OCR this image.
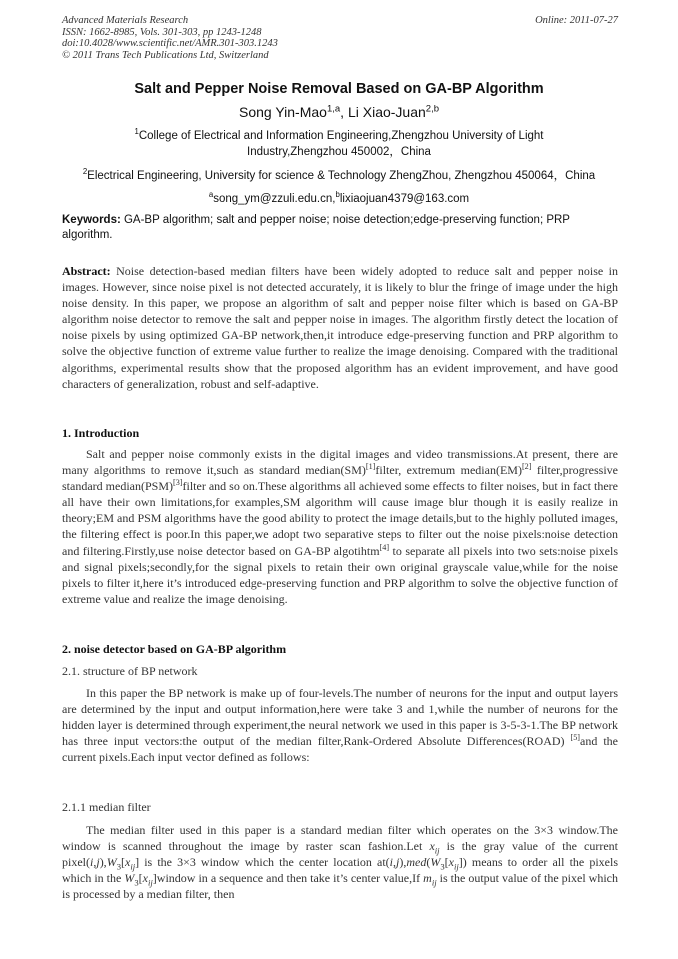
Advanced Materials Research
ISSN: 1662-8985, Vols. 301-303, pp 1243-1248
doi:10.4028/www.scientific.net/AMR.301-303.1243
© 2011 Trans Tech Publications Ltd, Switzerland
Online: 2011-07-27
Salt and Pepper Noise Removal Based on GA-BP Algorithm
Song Yin-Mao$^{1,a}$, Li Xiao-Juan$^{2,b}$
$^1$College of Electrical and Information Engineering,Zhengzhou University of Light
Industry,Zhengzhou 450002，China
$^2$Electrical Engineering, University for science & Technology ZhengZhou, Zhengzhou 450064，China
$^a$song_ym@zzuli.edu.cn,$^b$lixiaojuan4379@163.com
Keywords: GA-BP algorithm; salt and pepper noise; noise detection;edge-preserving function; PRP algorithm.
Abstract: Noise detection-based median filters have been widely adopted to reduce salt and pepper noise in images. However, since noise pixel is not detected accurately, it is likely to blur the fringe of image under the high noise density. In this paper, we propose an algorithm of salt and pepper noise filter which is based on GA-BP algorithm noise detector to remove the salt and pepper noise in images. The algorithm firstly detect the location of noise pixels by using optimized GA-BP network,then,it introduce edge-preserving function and PRP algorithm to solve the objective function of extreme value further to realize the image denoising. Compared with the traditional algorithms, experimental results show that the proposed algorithm has an evident improvement, and have good characters of generalization, robust and self-adaptive.
1. Introduction
Salt and pepper noise commonly exists in the digital images and video transmissions.At present, there are many algorithms to remove it,such as standard median(SM)[1]filter, extremum median(EM)[2] filter,progressive standard median(PSM)[3]filter and so on.These algorithms all achieved some effects to filter noises, but in fact there all have their own limitations,for examples,SM algorithm will cause image blur though it is easily realize in theory;EM and PSM algorithms have the good ability to protect the image details,but to the highly polluted images, the filtering effect is poor.In this paper,we adopt two separative steps to filter out the noise pixels:noise detection and filtering.Firstly,use noise detector based on GA-BP algotihtm[4] to separate all pixels into two sets:noise pixels and signal pixels;secondly,for the signal pixels to retain their own original grayscale value,while for the noise pixels to filter it,here it’s introduced edge-preserving function and PRP algorithm to solve the objective function of extreme value and realize the image denoising.
2. noise detector based on GA-BP algorithm
2.1. structure of BP network
In this paper the BP network is make up of four-levels.The number of neurons for the input and output layers are determined by the input and output information,here were take 3 and 1,while the number of neurons for the hidden layer is determined through experiment,the neural network we used in this paper is 3-5-3-1.The BP network has three input vectors:the output of the median filter,Rank-Ordered Absolute Differences(ROAD) [5]and the current pixels.Each input vector defined as follows:
2.1.1 median filter
The median filter used in this paper is a standard median filter which operates on the 3×3 window.The window is scanned throughout the image by raster scan fashion.Let $x_{ij}$ is the gray value of the current $pixel(i,j),W_3[x_{ij}]$ is the 3×3 window which the center location $at(i,j),med(W_3[x_{ij}])$ means to order all the pixels which in the $W_3[x_{ij}]window$ in a sequence and then take it’s center value,If $m_{ij}$ is the output value of the pixel which is processed by a median filter, then
